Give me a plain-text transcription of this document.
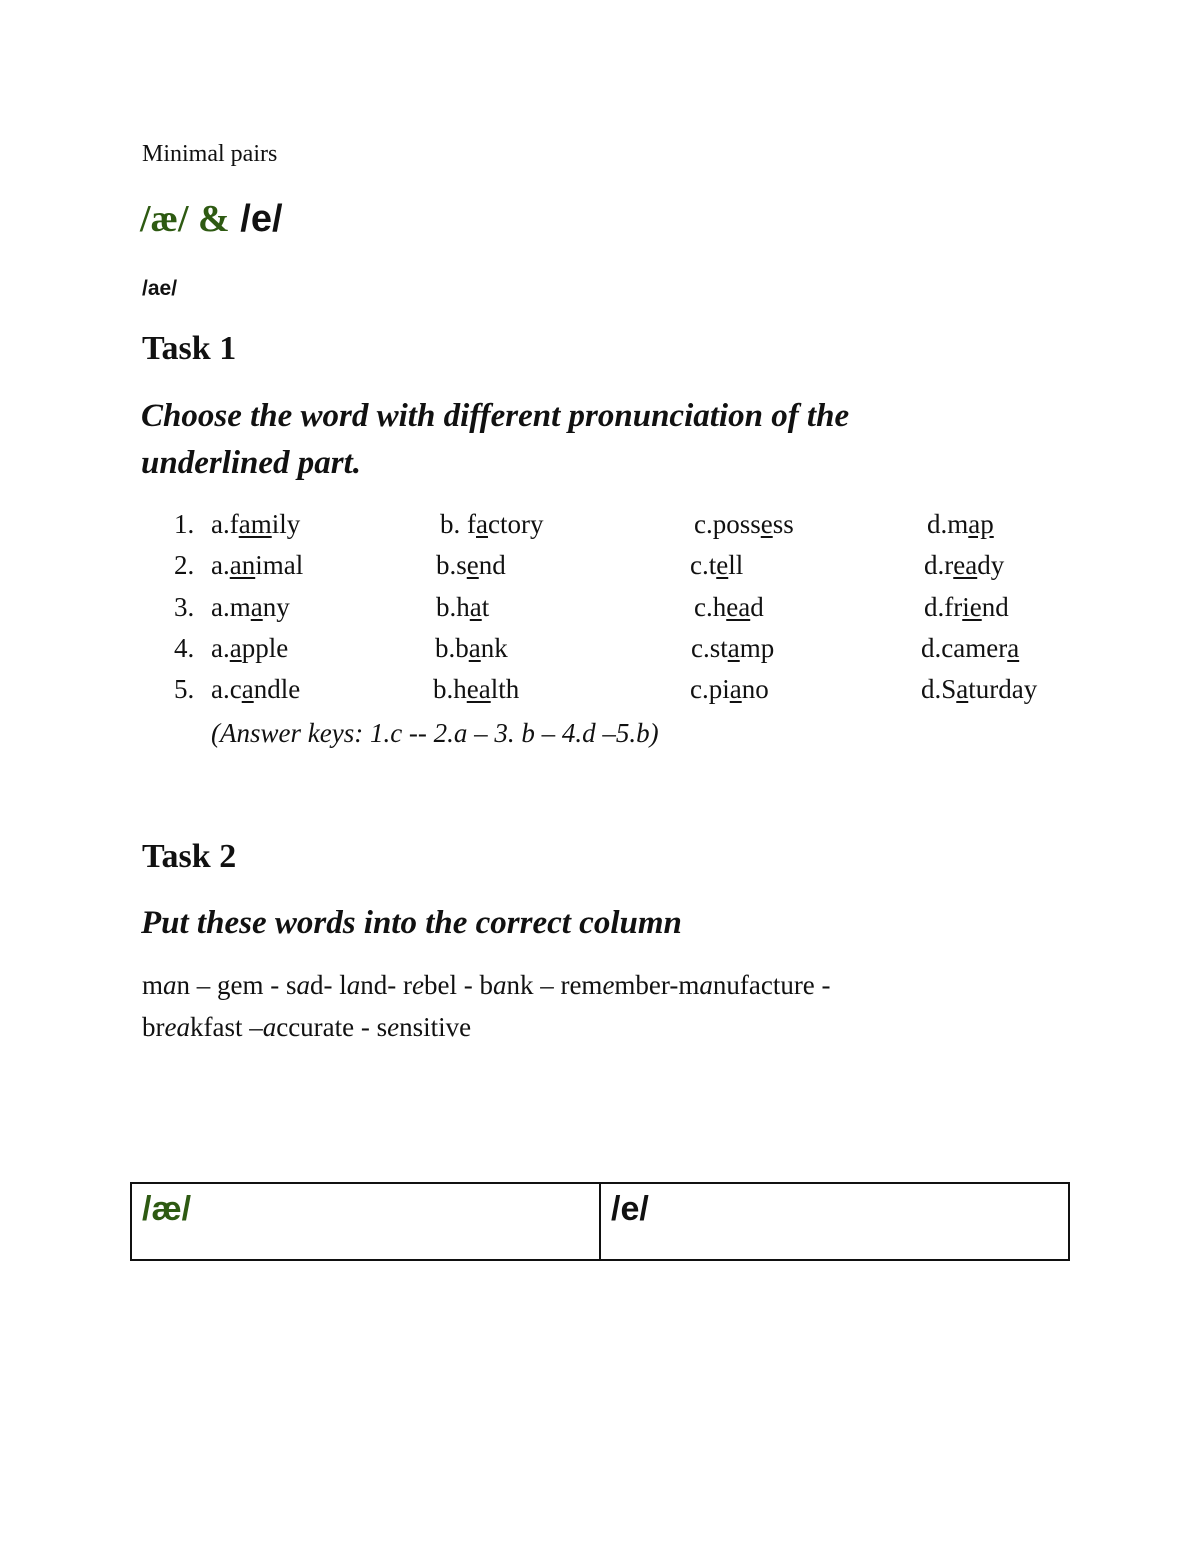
Minimal pairs
/æ/ & /e/
/ae/
Task 1
Choose the word with different pronunciation of the
underlined part.
1. a.family	b. factory	c.possess	d.map
2. a.animal	b.send	c.tell	d.ready
3. a.many	b.hat	c.head	d.friend
4. a.apple	b.bank	c.stamp	d.camera
5. a.candle	b.health	c.piano	d.Saturday
(Answer keys: 1.c -- 2.a – 3. b – 4.d –5.b)
Task 2
Put these words into the correct column
man – gem - sad- land- rebel - bank – remember-manufacture -
breakfast –accurate - sensitive
/æ/	/e/
